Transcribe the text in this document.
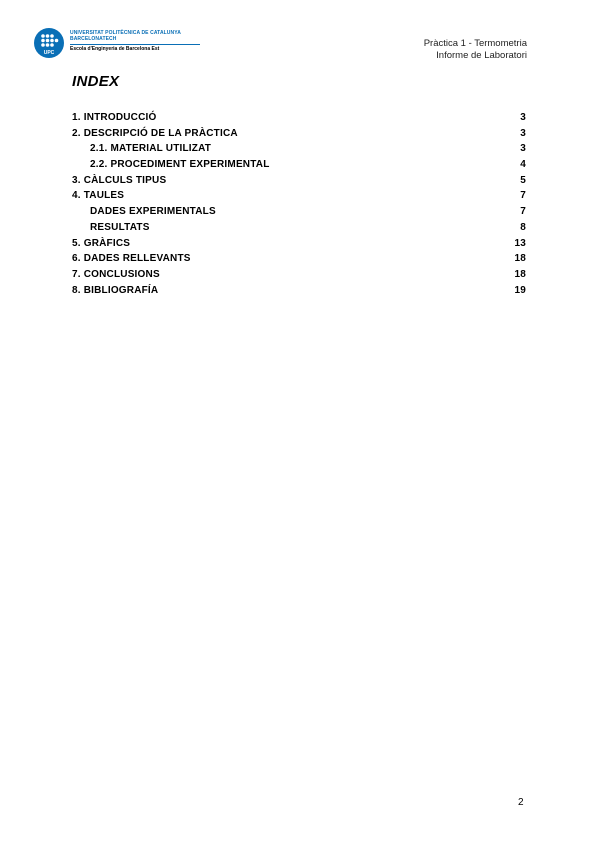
UPC
UNIVERSITAT POLITÈCNICA DE CATALUNYA
BARCELONATECH
Escola d'Enginyeria de Barcelona Est	Pràctica 1 - Termometria
Informe de Laboratori
INDEX
1. INTRODUCCIÓ	3
2. DESCRIPCIÓ DE LA PRÀCTICA	3
2.1. MATERIAL UTILIZAT	3
2.2. PROCEDIMENT EXPERIMENTAL	4
3. CÀLCULS TIPUS	5
4. TAULES	7
DADES EXPERIMENTALS	7
RESULTATS	8
5. GRÀFICS	13
6. DADES RELLEVANTS	18
7. CONCLUSIONS	18
8. BIBLIOGRAFÍA	19
2
